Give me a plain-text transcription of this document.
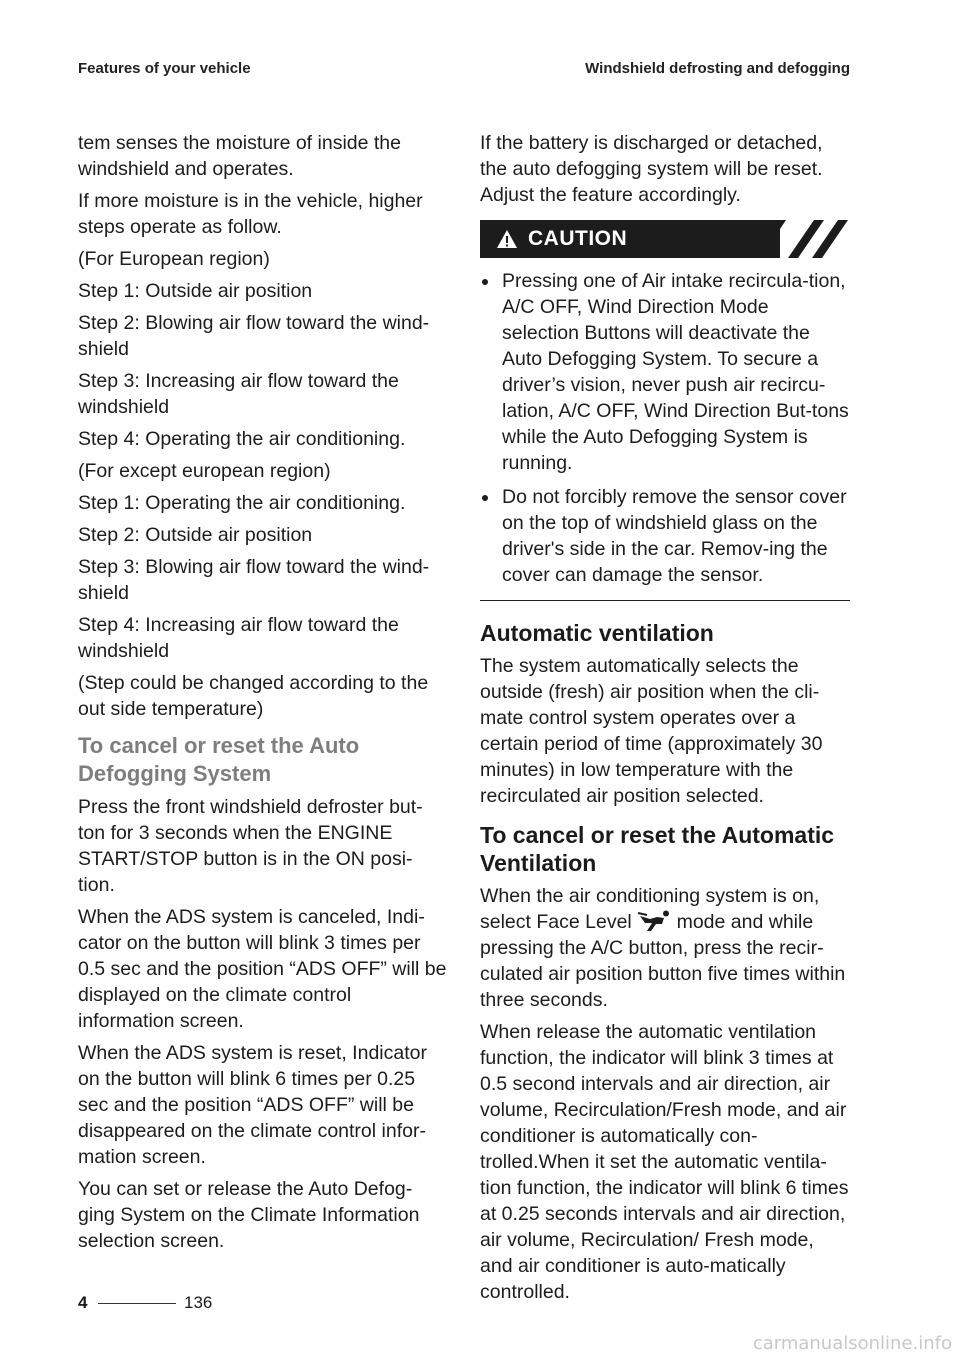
Features of your vehicle	Windshield defrosting and defogging

tem senses the moisture of inside the windshield and operates.

If more moisture is in the vehicle, higher steps operate as follow.

(For European region)

Step 1: Outside air position

Step 2: Blowing air flow toward the wind-shield

Step 3: Increasing air flow toward the windshield

Step 4: Operating the air conditioning.

(For except european region)

Step 1: Operating the air conditioning.

Step 2: Outside air position

Step 3: Blowing air flow toward the wind-shield

Step 4: Increasing air flow toward the windshield

(Step could be changed according to the out side temperature)

To cancel or reset the Auto Defogging System

Press the front windshield defroster but-ton for 3 seconds when the ENGINE START/STOP button is in the ON posi-tion.

When the ADS system is canceled, Indi-cator on the button will blink 3 times per 0.5 sec and the position “ADS OFF” will be displayed on the climate control information screen.

When the ADS system is reset, Indicator on the button will blink 6 times per 0.25 sec and the position “ADS OFF” will be disappeared on the climate control infor-mation screen.

You can set or release the Auto Defog-ging System on the Climate Information selection screen.

If the battery is discharged or detached, the auto defogging system will be reset. Adjust the feature accordingly.

CAUTION
Pressing one of Air intake recircula-tion, A/C OFF, Wind Direction Mode selection Buttons will deactivate the Auto Defogging System. To secure a driver’s vision, never push air recircu-lation, A/C OFF, Wind Direction But-tons while the Auto Defogging System is running.
Do not forcibly remove the sensor cover on the top of windshield glass on the driver's side in the car. Remov-ing the cover can damage the sensor.
Automatic ventilation

The system automatically selects the outside (fresh) air position when the cli-mate control system operates over a certain period of time (approximately 30 minutes) in low temperature with the recirculated air position selected.

To cancel or reset the Automatic Ventilation

When the air conditioning system is on, select Face Level mode and while pressing the A/C button, press the recir-culated air position button five times within three seconds.

When release the automatic ventilation function, the indicator will blink 3 times at 0.5 second intervals and air direction, air volume, Recirculation/Fresh mode, and air conditioner is automatically con-trolled.When it set the automatic ventila-tion function, the indicator will blink 6 times at 0.25 seconds intervals and air direction, air volume, Recirculation/ Fresh mode, and air conditioner is auto-matically controlled.

4	136
carmanualsonline.info
